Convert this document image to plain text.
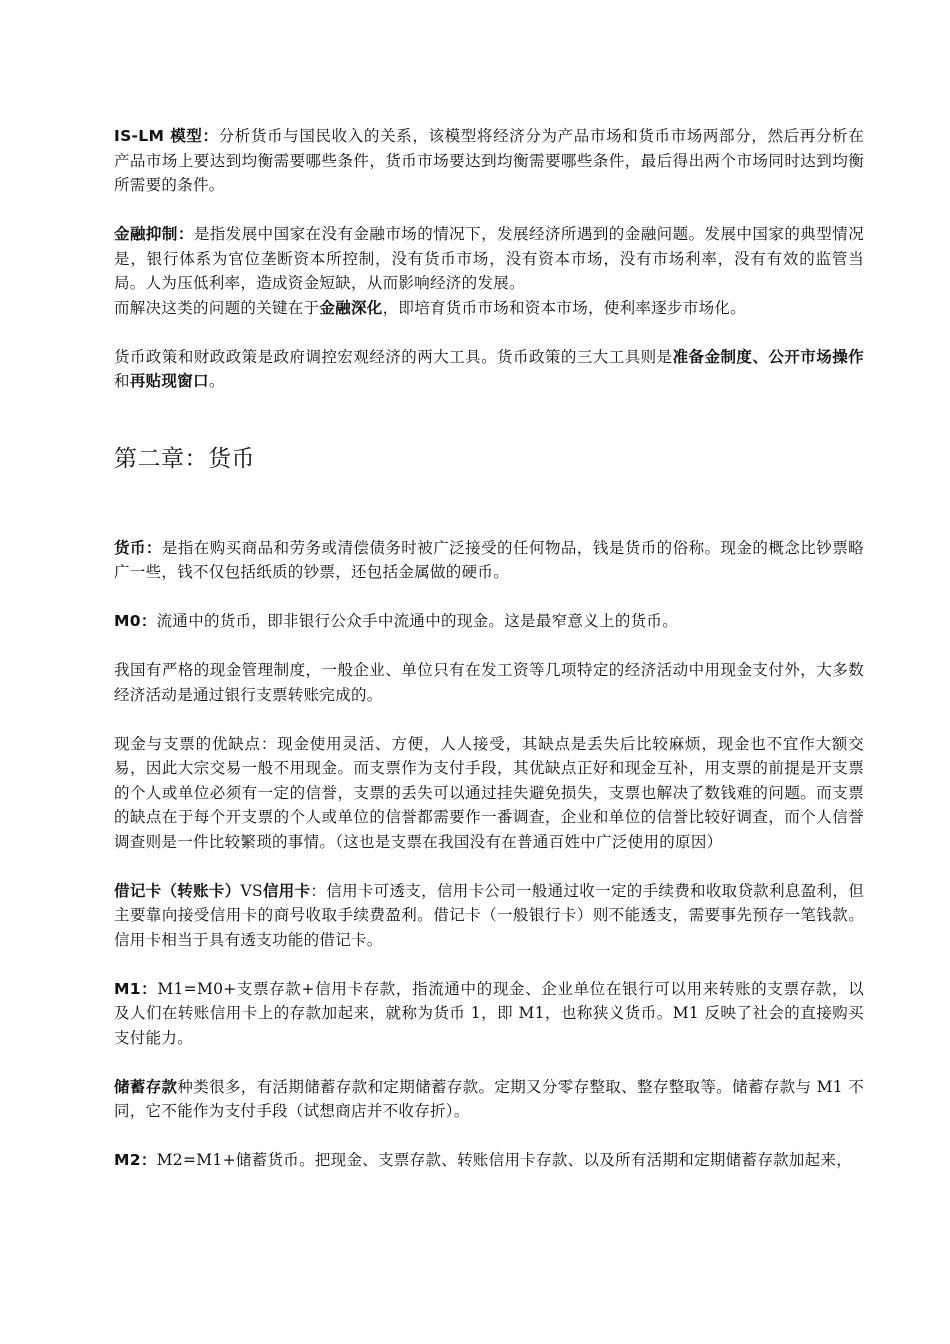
IS-LM 模型：分析货币与国民收入的关系，该模型将经济分为产品市场和货币市场两部分，然后再分析在产品市场上要达到均衡需要哪些条件，货币市场要达到均衡需要哪些条件，最后得出两个市场同时达到均衡所需要的条件。

金融抑制：是指发展中国家在没有金融市场的情况下，发展经济所遇到的金融问题。发展中国家的典型情况是，银行体系为官位垄断资本所控制，没有货币市场，没有资本市场，没有市场利率，没有有效的监管当局。人为压低利率，造成资金短缺，从而影响经济的发展。

而解决这类的问题的关键在于金融深化，即培育货币市场和资本市场，使利率逐步市场化。

货币政策和财政政策是政府调控宏观经济的两大工具。货币政策的三大工具则是准备金制度、公开市场操作和再贴现窗口。

第二章：货币

货币：是指在购买商品和劳务或清偿债务时被广泛接受的任何物品，钱是货币的俗称。现金的概念比钞票略广一些，钱不仅包括纸质的钞票，还包括金属做的硬币。

M0：流通中的货币，即非银行公众手中流通中的现金。这是最窄意义上的货币。

我国有严格的现金管理制度，一般企业、单位只有在发工资等几项特定的经济活动中用现金支付外，大多数经济活动是通过银行支票转账完成的。

现金与支票的优缺点：现金使用灵活、方便，人人接受，其缺点是丢失后比较麻烦，现金也不宜作大额交易，因此大宗交易一般不用现金。而支票作为支付手段，其优缺点正好和现金互补，用支票的前提是开支票的个人或单位必须有一定的信誉，支票的丢失可以通过挂失避免损失，支票也解决了数钱难的问题。而支票的缺点在于每个开支票的个人或单位的信誉都需要作一番调查，企业和单位的信誉比较好调查，而个人信誉调查则是一件比较繁琐的事情。（这也是支票在我国没有在普通百姓中广泛使用的原因）

借记卡（转账卡）VS信用卡：信用卡可透支，信用卡公司一般通过收一定的手续费和收取贷款利息盈利，但主要靠向接受信用卡的商号收取手续费盈利。借记卡（一般银行卡）则不能透支，需要事先预存一笔钱款。信用卡相当于具有透支功能的借记卡。

M1：M1=M0+支票存款+信用卡存款，指流通中的现金、企业单位在银行可以用来转账的支票存款，以及人们在转账信用卡上的存款加起来，就称为货币 1，即 M1，也称狭义货币。M1 反映了社会的直接购买支付能力。

储蓄存款种类很多，有活期储蓄存款和定期储蓄存款。定期又分零存整取、整存整取等。储蓄存款与 M1 不同，它不能作为支付手段（试想商店并不收存折）。

M2：M2=M1+储蓄货币。把现金、支票存款、转账信用卡存款、以及所有活期和定期储蓄存款加起来，
